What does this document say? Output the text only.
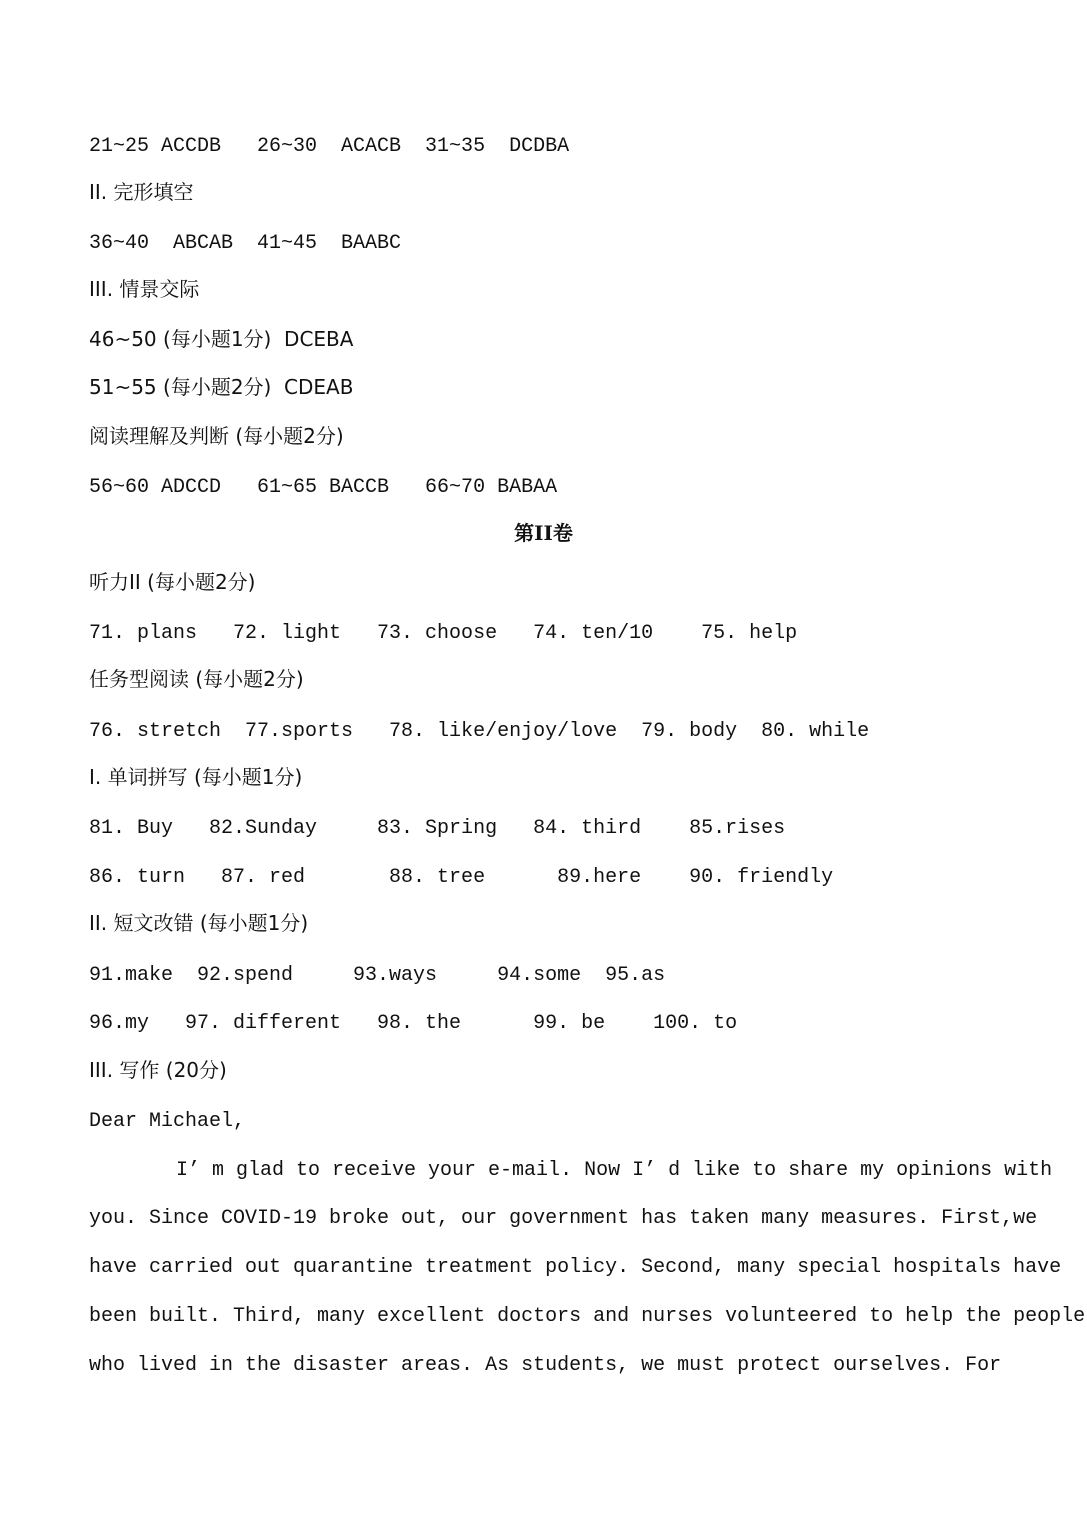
21~25 ACCDB   26~30  ACACB  31~35  DCDBA
II. 完形填空
36~40  ABCAB  41~45  BAABC
III. 情景交际
46~50 (每小题1分)  DCEBA
51~55 (每小题2分)  CDEAB
阅读理解及判断 (每小题2分)
56~60 ADCCD   61~65 BACCB   66~70 BABAA
第II卷
听力II (每小题2分)
71. plans   72. light   73. choose   74. ten/10    75. help
任务型阅读 (每小题2分)
76. stretch  77.sports   78. like/enjoy/love  79. body  80. while
I. 单词拼写 (每小题1分)
81. Buy   82.Sunday     83. Spring   84. third    85.rises
86. turn   87. red       88. tree      89.here    90. friendly
II. 短文改错 (每小题1分)
91.make  92.spend     93.ways     94.some  95.as
96.my   97. different   98. the      99. be    100. to
III. 写作 (20分)
Dear Michael,
I’ m glad to receive your e-mail. Now I’ d like to share my opinions with
you. Since COVID-19 broke out, our government has taken many measures. First,we
have carried out quarantine treatment policy. Second, many special hospitals have
been built. Third, many excellent doctors and nurses volunteered to help the people
who lived in the disaster areas. As students, we must protect ourselves. For
